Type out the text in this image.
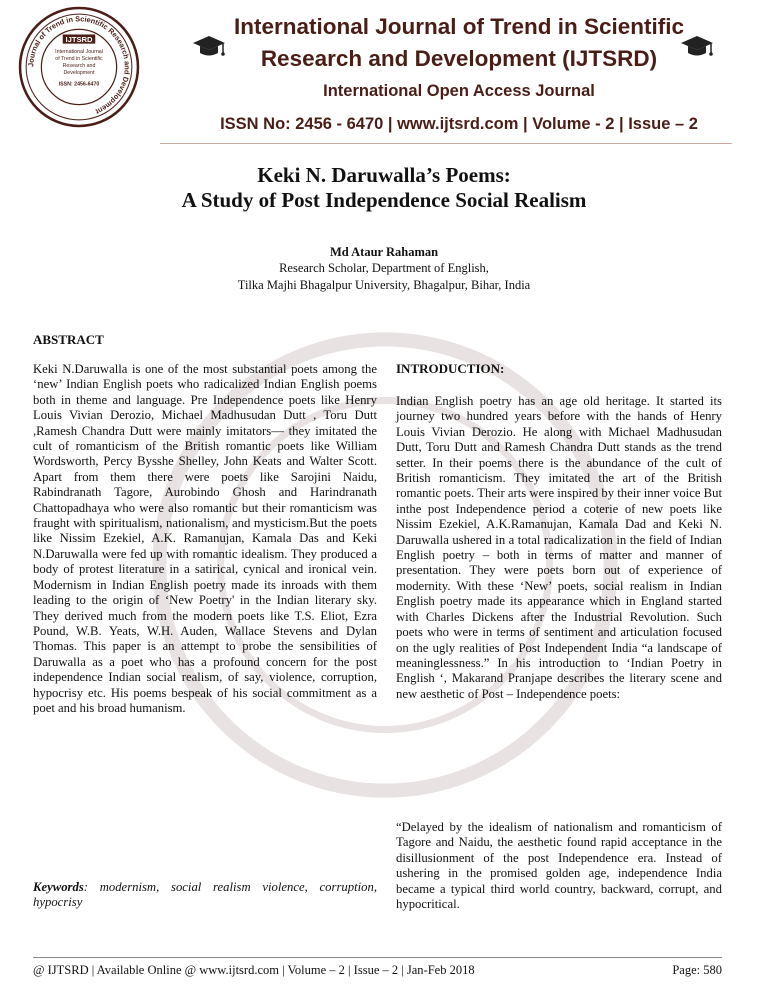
Journal of Trend in Scientific Research and Development
IJTSRD
International Journal
of Trend in Scientific
Research and
Development
ISSN: 2456-6470
International Journal of Trend in Scientific
Research and Development (IJTSRD)
International Open Access Journal
ISSN No: 2456 - 6470 | www.ijtsrd.com | Volume - 2 | Issue – 2
Keki N. Daruwalla’s Poems:
A Study of Post Independence Social Realism
Md Ataur Rahaman
Research Scholar, Department of English,
Tilka Majhi Bhagalpur University, Bhagalpur, Bihar, India
ABSTRACT
Keki N.Daruwalla is one of the most substantial poets among the ‘new’ Indian English poets who radicalized Indian English poems both in theme and language. Pre Independence poets like Henry Louis Vivian Derozio, Michael Madhusudan Dutt , Toru Dutt ,Ramesh Chandra Dutt were mainly imitators— they imitated the cult of romanticism of the British romantic poets like William Wordsworth, Percy Bysshe Shelley, John Keats and Walter Scott. Apart from them there were poets like Sarojini Naidu, Rabindranath Tagore, Aurobindo Ghosh and Harindranath Chattopadhaya who were also romantic but their romanticism was fraught with spiritualism, nationalism, and mysticism.But the poets like Nissim Ezekiel, A.K. Ramanujan, Kamala Das and Keki N.Daruwalla were fed up with romantic idealism. They produced a body of protest literature in a satirical, cynical and ironical vein. Modernism in Indian English poetry made its inroads with them leading to the origin of ‘New Poetry' in the Indian literary sky. They derived much from the modern poets like T.S. Eliot, Ezra Pound, W.B. Yeats, W.H. Auden, Wallace Stevens and Dylan Thomas. This paper is an attempt to probe the sensibilities of Daruwalla as a poet who has a profound concern for the post independence Indian social realism, of say, violence, corruption, hypocrisy etc. His poems bespeak of his social commitment as a poet and his broad humanism.
Keywords: modernism, social realism violence, corruption, hypocrisy
INTRODUCTION:
Indian English poetry has an age old heritage. It started its journey two hundred years before with the hands of Henry Louis Vivian Derozio. He along with Michael Madhusudan Dutt, Toru Dutt and Ramesh Chandra Dutt stands as the trend setter. In their poems there is the abundance of the cult of British romanticism. They imitated the art of the British romantic poets. Their arts were inspired by their inner voice But inthe post Independence period a coterie of new poets like Nissim Ezekiel, A.K.Ramanujan, Kamala Dad and Keki N. Daruwalla ushered in a total radicalization in the field of Indian English poetry – both in terms of matter and manner of presentation. They were poets born out of experience of modernity. With these ‘New’ poets, social realism in Indian English poetry made its appearance which in England started with Charles Dickens after the Industrial Revolution. Such poets who were in terms of sentiment and articulation focused on the ugly realities of Post Independent India “a landscape of meaninglessness.” In his introduction to ‘Indian Poetry in English ‘, Makarand Pranjape describes the literary scene and new aesthetic of Post – Independence poets:
“Delayed by the idealism of nationalism and romanticism of Tagore and Naidu, the aesthetic found rapid acceptance in the disillusionment of the post Independence era. Instead of ushering in the promised golden age, independence India became a typical third world country, backward, corrupt, and hypocritical.
@ IJTSRD | Available Online @ www.ijtsrd.com | Volume – 2 | Issue – 2 | Jan-Feb 2018	Page: 580
